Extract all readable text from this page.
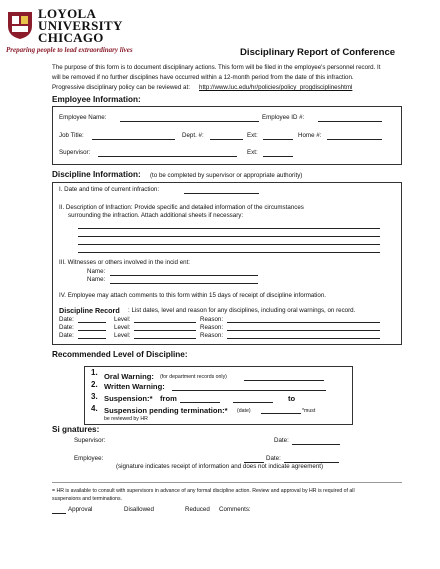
LOYOLA
UNIVERSITY
CHICAGO
Preparing people to lead extraordinary lives	Disciplinary Report of Conference
The purpose of this form is to document disciplinary actions. This form will be filed in the employee's personnel record. It
will be removed if no further disciplines have occurred within a 12-month period from the date of this infraction.
Progressive disciplinary policy can be reviewed at: http://www.luc.edu/hr/policies/policy_progdisciplineshtml
Employee Information:
Employee Name:	Employee ID #:
Job Title:	Dept. #:	Ext:	Home #:
Supervisor:	Ext:
Discipline Information: (to be completed by supervisor or appropriate authority)
I. Date and time of current infraction:
II. Description of Infraction: Provide specific and detailed information of the circumstances
surrounding the infraction. Attach additional sheets if necessary:
III. Witnesses or others involved in the incid ent:
Name:
Name:
IV. Employee may attach comments to this form within 15 days of receipt of discipline information.
Discipline Record : List dates, level and reason for any disciplines, including oral warnings, on record.
Date:	Level:	Reason:
Date:	Level:	Reason:
Date:	Level:	Reason:
Recommended Level of Discipline:
1. Oral Warning: (for department records only)
2. Written Warning:
3. Suspension:* from	to
4. Suspension pending termination:* (date)	*must
be reviewed by HR
Si gnatures:
Supervisor:	Date:
Employee:	Date:
(signature indicates receipt of information and does not indicate agreement)
= HR is available to consult with supervisors in advance of any formal discipline action. Review and approval by HR is required of all
suspensions and terminations.
Approval	Disallowed	Reduced Comments:
